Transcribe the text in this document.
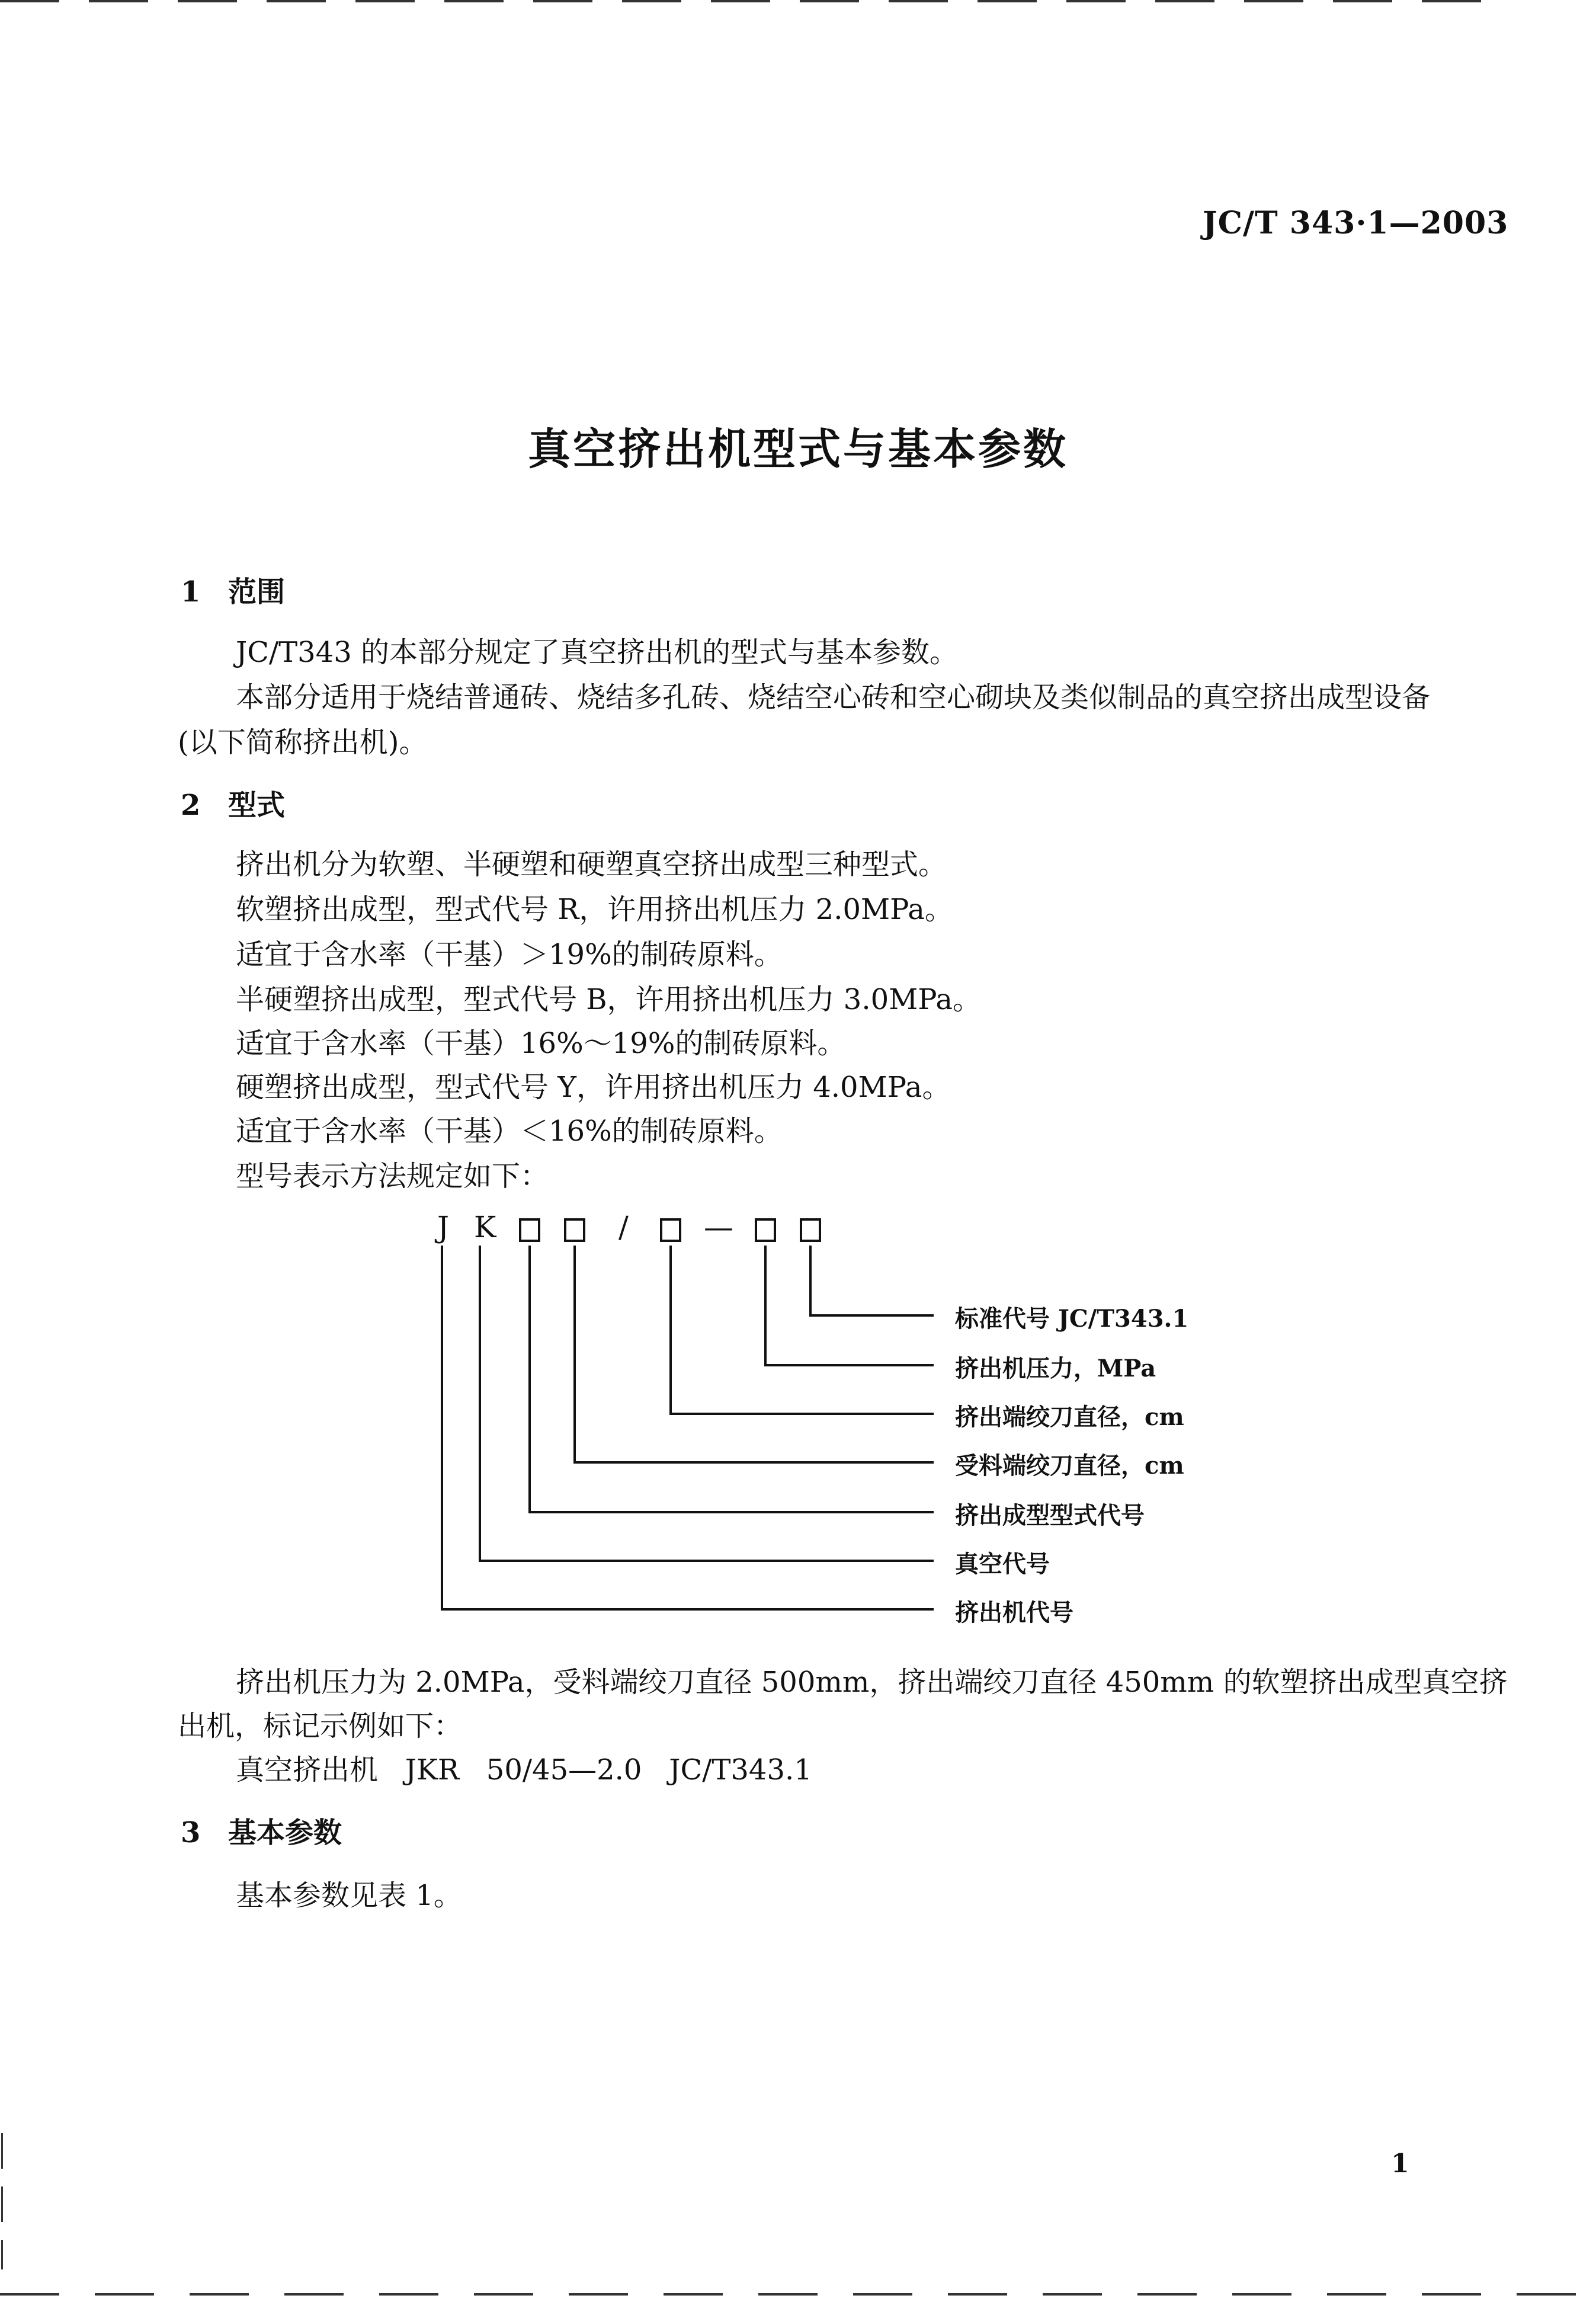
JC/T 343·1—2003
真空挤出机型式与基本参数
1 范围
JC/T343 的本部分规定了真空挤出机的型式与基本参数。
本部分适用于烧结普通砖、烧结多孔砖、烧结空心砖和空心砌块及类似制品的真空挤出成型设备
(以下简称挤出机)。
2 型式
挤出机分为软塑、半硬塑和硬塑真空挤出成型三种型式。
软塑挤出成型，型式代号 R，许用挤出机压力 2.0MPa。
适宜于含水率（干基）＞19%的制砖原料。
半硬塑挤出成型，型式代号 B，许用挤出机压力 3.0MPa。
适宜于含水率（干基）16%～19%的制砖原料。
硬塑挤出成型，型式代号 Y，许用挤出机压力 4.0MPa。
适宜于含水率（干基）＜16%的制砖原料。
型号表示方法规定如下：
J K	/	—
标准代号 JC/T343.1
挤出机压力，MPa
挤出端绞刀直径，cm
受料端绞刀直径，cm
挤出成型型式代号
真空代号
挤出机代号
挤出机压力为 2.0MPa，受料端绞刀直径 500mm，挤出端绞刀直径 450mm 的软塑挤出成型真空挤
出机，标记示例如下：
真空挤出机   JKR   50/45—2.0   JC/T343.1
3 基本参数
基本参数见表 1。
1
